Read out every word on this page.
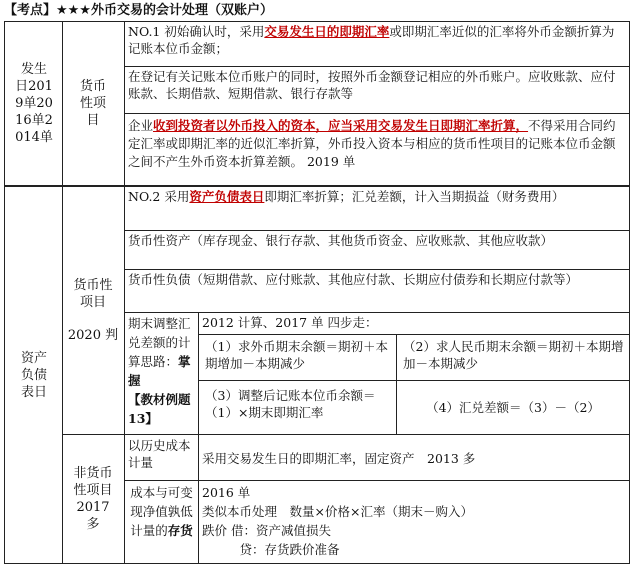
【考点】★★★外币交易的会计处理（双账户）
发生日2019单2016单2014单
货币性项目
NO.1 初始确认时，采用交易发生日的即期汇率或即期汇率近似的汇率将外币金额折算为记账本位币金额；
在登记有关记账本位币账户的同时，按照外币金额登记相应的外币账户。应收账款、应付账款、长期借款、短期借款、银行存款等
企业收到投资者以外币投入的资本，应当采用交易发生日即期汇率折算，不得采用合同约定汇率或即期汇率的近似汇率折算，外币投入资本与相应的货币性项目的记账本位币金额之间不产生外币资本折算差额。 2019 单
资产负债表日
货币性项目
2020 判
NO.2 采用资产负债表日即期汇率折算；汇兑差额，计入当期损益（财务费用）
货币性资产（库存现金、银行存款、其他货币资金、应收账款、其他应收款）
货币性负债（短期借款、应付账款、其他应付款、长期应付债券和长期应付款等）
期末调整汇兑差额的计算思路：掌握
【教材例题 13】
2012 计算、2017 单 四步走：
（1）求外币期末余额＝期初＋本期增加－本期减少
（2）求人民币期末余额＝期初＋本期增加－本期减少
（3）调整后记账本位币余额＝（1）×期末即期汇率	（4）汇兑差额＝（3）－（2）
非货币性项目2017 多
以历史成本计量	采用交易发生日的即期汇率，固定资产　2013 多
成本与可变现净值孰低计量的存货
2016 单
类似本币处理　数量×价格×汇率（期末－购入）
跌价 借：资产减值损失
　　　贷：存货跌价准备
